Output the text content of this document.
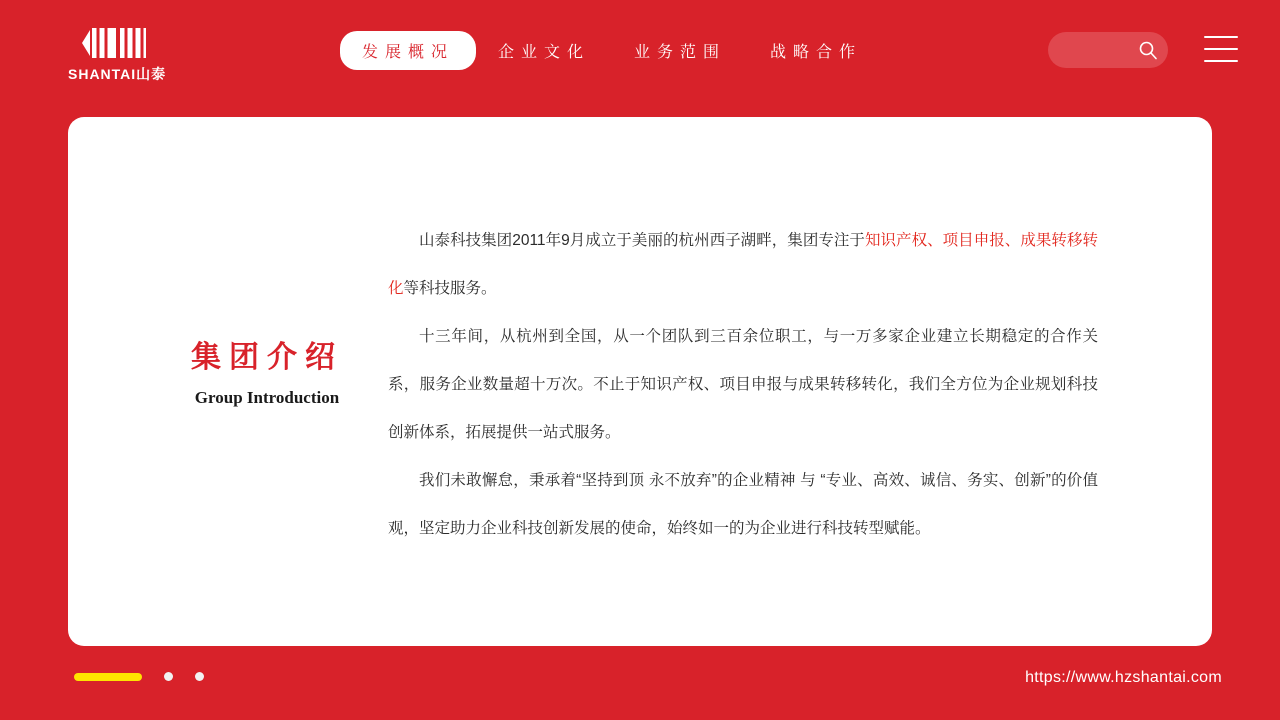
SHANTAI山泰
发展概况	企业文化	业务范围	战略合作
集团介绍
Group Introduction

山泰科技集团2011年9月成立于美丽的杭州西子湖畔，集团专注于知识产权、项目申报、成果转移转化等科技服务。

十三年间，从杭州到全国，从一个团队到三百余位职工，与一万多家企业建立长期稳定的合作关系，服务企业数量超十万次。不止于知识产权、项目申报与成果转移转化，我们全方位为企业规划科技创新体系，拓展提供一站式服务。

我们未敢懈怠，秉承着“坚持到顶 永不放弃”的企业精神 与 “专业、高效、诚信、务实、创新”的价值观，坚定助力企业科技创新发展的使命，始终如一的为企业进行科技转型赋能。

https://www.hzshantai.com
